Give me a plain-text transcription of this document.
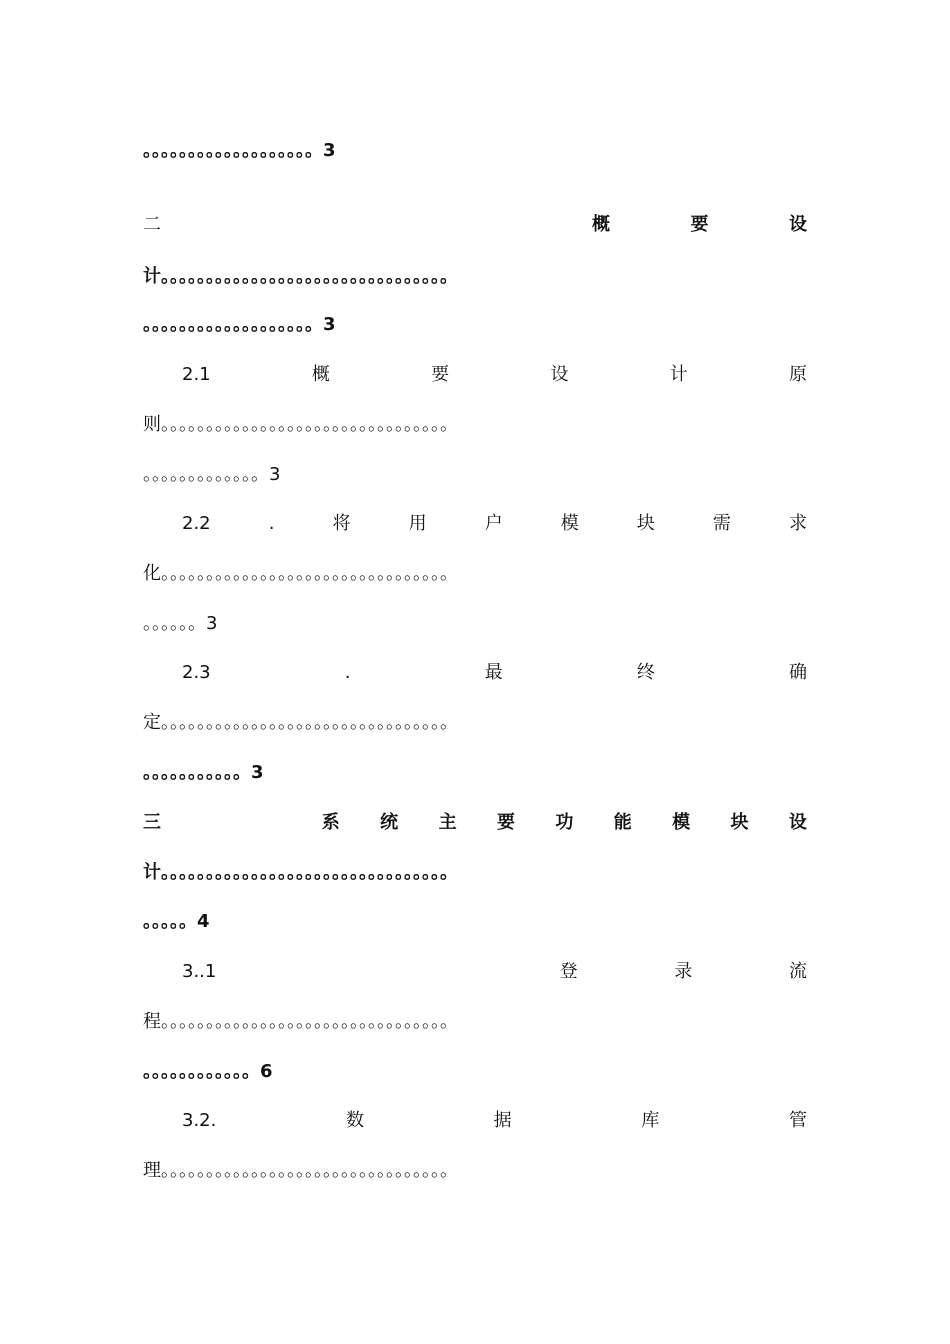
。。。。。。。。。。。。。。。。。。。3
二	概	要	设
计。。。。。。。。。。。。。。。。。。。。。。。。。。。。。。。。
。。。。。。。。。。。。。。。。。。。3
2.1	概	要	设	计	原
则。。。。。。。。。。。。。。。。。。。。。。。。。。。。。。。。
。。。。。。。。。。。。。3
2.2	.	将	用	户	模	块	需	求
化。。。。。。。。。。。。。。。。。。。。。。。。。。。。。。。。
。。。。。。3
2.3	.	最	终	确
定。。。。。。。。。。。。。。。。。。。。。。。。。。。。。。。。
。。。。。。。。。。。3
三	系 统 主 要 功 能 模 块 设
计。。。。。。。。。。。。。。。。。。。。。。。。。。。。。。。。
。。。。。4
3..1	登	录	流
程。。。。。。。。。。。。。。。。。。。。。。。。。。。。。。。。
。。。。。。。。。。。。6
3.2.	数	据	库	管
理。。。。。。。。。。。。。。。。。。。。。。。。。。。。。。。。
